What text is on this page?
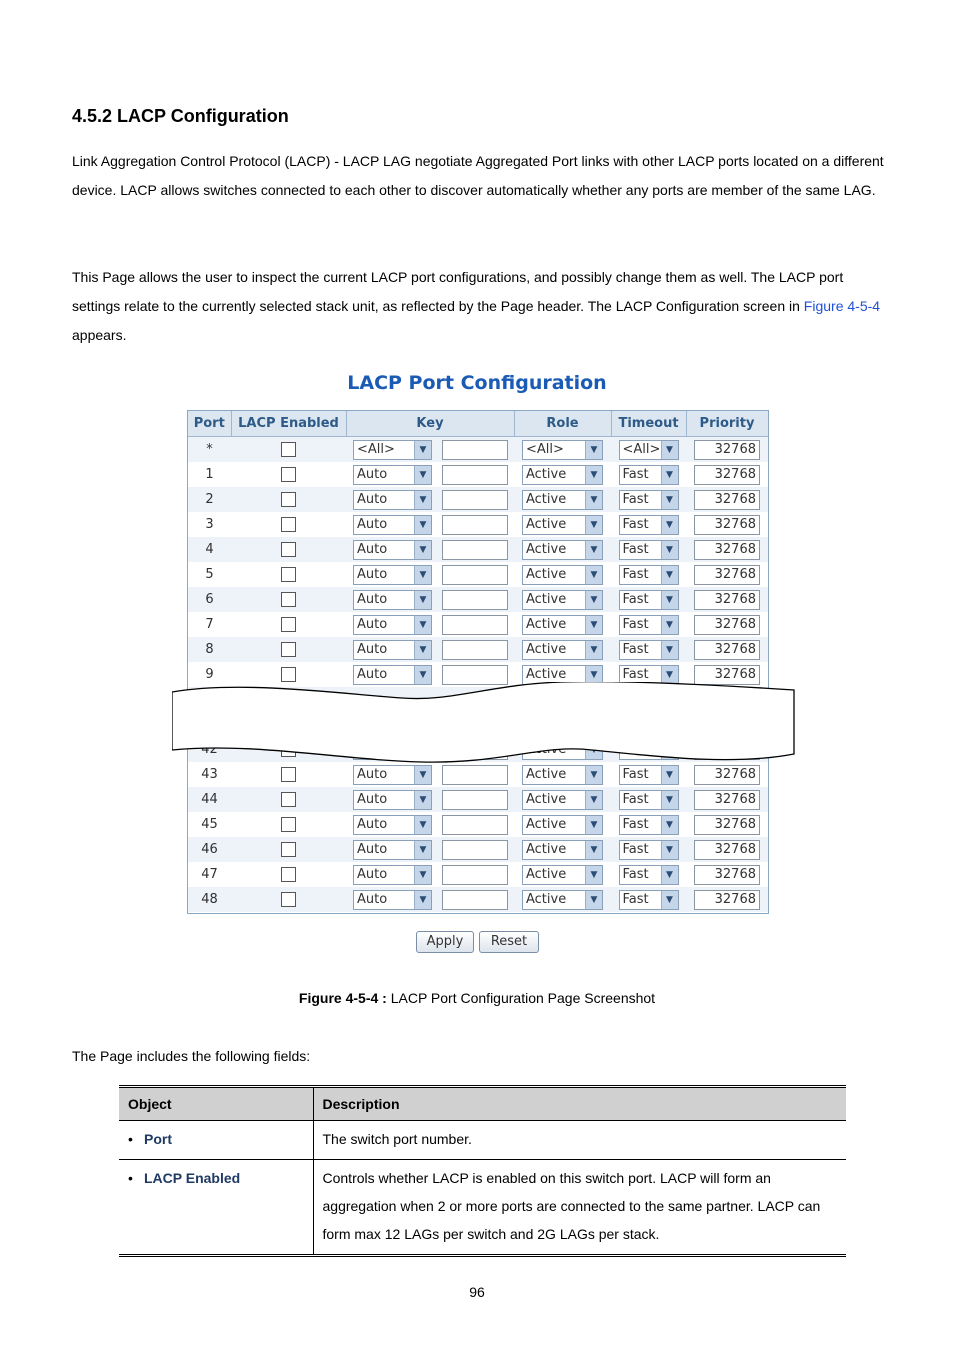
4.5.2 LACP Configuration
Link Aggregation Control Protocol (LACP) - LACP LAG negotiate Aggregated Port links with other LACP ports located on a different device. LACP allows switches connected to each other to discover automatically whether any ports are member of the same LAG.
This Page allows the user to inspect the current LACP port configurations, and possibly change them as well. The LACP port settings relate to the currently selected stack unit, as reflected by the Page header. The LACP Configuration screen in Figure 4-5-4 appears.
LACP Port Configuration
Port	LACP Enabled	Key	Role	Timeout	Priority
*		<All> ▼	<All> ▼	<All> ▼	32768
1		Auto ▼	Active ▼	Fast ▼	32768
2		Auto ▼	Active ▼	Fast ▼	32768
3		Auto ▼	Active ▼	Fast ▼	32768
4		Auto ▼	Active ▼	Fast ▼	32768
5		Auto ▼	Active ▼	Fast ▼	32768
6		Auto ▼	Active ▼	Fast ▼	32768
7		Auto ▼	Active ▼	Fast ▼	32768
8		Auto ▼	Active ▼	Fast ▼	32768
9		Auto ▼	Active ▼	Fast ▼	32768

42		

43		Auto ▼	Active ▼	Fast ▼	32768
44		Auto ▼	Active ▼	Fast ▼	32768
45		Auto ▼	Active ▼	Fast ▼	32768
46		Auto ▼	Active ▼	Fast ▼	32768
47		Auto ▼	Active ▼	Fast ▼	32768
48		Auto ▼	Active ▼	Fast ▼	32768
Apply	Reset
Figure 4-5-4 : LACP Port Configuration Page Screenshot
The Page includes the following fields:
Object	Description
• Port	The switch port number.
• LACP Enabled	Controls whether LACP is enabled on this switch port. LACP will form an aggregation when 2 or more ports are connected to the same partner. LACP can form max 12 LAGs per switch and 2G LAGs per stack.
96
